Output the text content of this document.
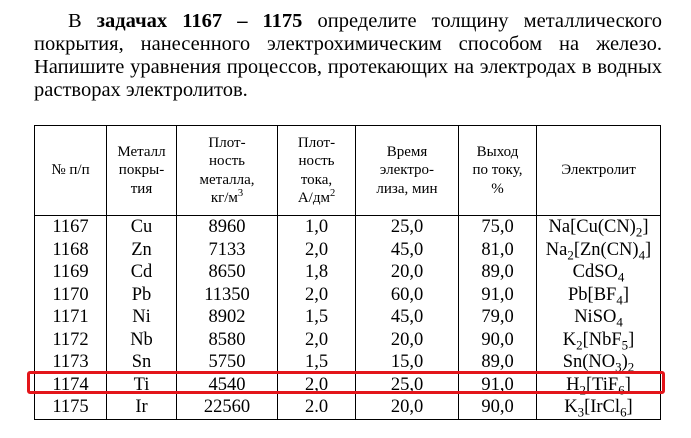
В задачах 1167 – 1175 определите толщину металлического покрытия, нанесенного электрохимическим способом на железо. Напишите уравнения процессов, протекающих на электродах в водных растворах электролитов.

№ п/п	Металл
покры-
тия	Плот-
ность
металла,
$кг/м^3$	Плот-
ность
тока,
$А/дм^2$	Время
электро-
лиза, мин	Выход
по току,
%	Электролит
1167	Cu	8960	1,0	25,0	75,0	$Na[Cu(CN)_2]$
1168	Zn	7133	2,0	45,0	81,0	$Na_2[Zn(CN)_4]$
1169	Cd	8650	1,8	20,0	89,0	CdSO$_4$
1170	Pb	11350	2,0	60,0	91,0	$Pb[BF_4]$
1171	Ni	8902	1,5	45,0	79,0	NiSO$_4$
1172	Nb	8580	2,0	20,0	90,0	$K_2[NbF_5]$
1173	Sn	5750	1,5	15,0	89,0	$Sn(NO_3)_2$
1174	Ti	4540	2,0	25,0	91,0	$H_2[TiF_6]$
1175	Ir	22560	2.0	20,0	90,0	$K_3[IrCl_6]$
